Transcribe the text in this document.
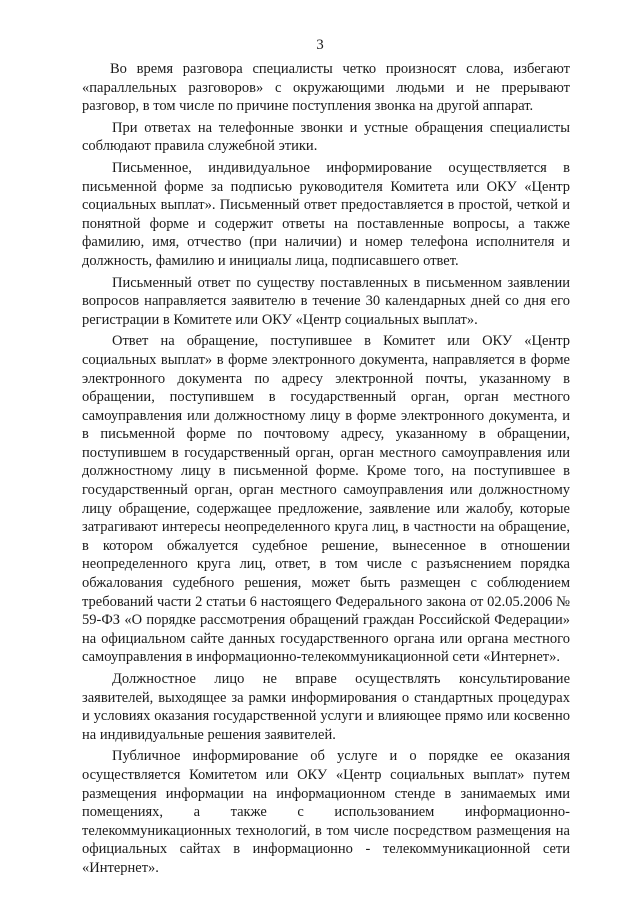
3

Во время разговора специалисты четко произносят слова, избегают «параллельных разговоров» с окружающими людьми и не прерывают разговор, в том числе по причине поступления звонка на другой аппарат.

При ответах на телефонные звонки и устные обращения специалисты соблюдают правила служебной этики.

Письменное, индивидуальное информирование осуществляется в письменной форме за подписью руководителя Комитета или ОКУ «Центр социальных выплат». Письменный ответ предоставляется в простой, четкой и понятной форме и содержит ответы на поставленные вопросы, а также фамилию, имя, отчество (при наличии) и номер телефона исполнителя и должность, фамилию и инициалы лица, подписавшего ответ.

Письменный ответ по существу поставленных в письменном заявлении вопросов направляется заявителю в течение 30 календарных дней со дня его регистрации в Комитете или ОКУ «Центр социальных выплат».

Ответ на обращение, поступившее в Комитет или ОКУ «Центр социальных выплат» в форме электронного документа, направляется в форме электронного документа по адресу электронной почты, указанному в обращении, поступившем в государственный орган, орган местного самоуправления или должностному лицу в форме электронного документа, и в письменной форме по почтовому адресу, указанному в обращении, поступившем в государственный орган, орган местного самоуправления или должностному лицу в письменной форме. Кроме того, на поступившее в государственный орган, орган местного самоуправления или должностному лицу обращение, содержащее предложение, заявление или жалобу, которые затрагивают интересы неопределенного круга лиц, в частности на обращение, в котором обжалуется судебное решение, вынесенное в отношении неопределенного круга лиц, ответ, в том числе с разъяснением порядка обжалования судебного решения, может быть размещен с соблюдением требований части 2 статьи 6 настоящего Федерального закона от 02.05.2006 № 59-ФЗ «О порядке рассмотрения обращений граждан Российской Федерации» на официальном сайте данных государственного органа или органа местного самоуправления в информационно-телекоммуникационной сети «Интернет».

Должностное лицо не вправе осуществлять консультирование заявителей, выходящее за рамки информирования о стандартных процедурах и условиях оказания государственной услуги и влияющее прямо или косвенно на индивидуальные решения заявителей.

Публичное информирование об услуге и о порядке ее оказания осуществляется Комитетом или ОКУ «Центр социальных выплат» путем размещения информации на информационном стенде в занимаемых ими помещениях, а также с использованием информационно-телекоммуникационных технологий, в том числе посредством размещения на официальных сайтах в информационно - телекоммуникационной сети «Интернет».
